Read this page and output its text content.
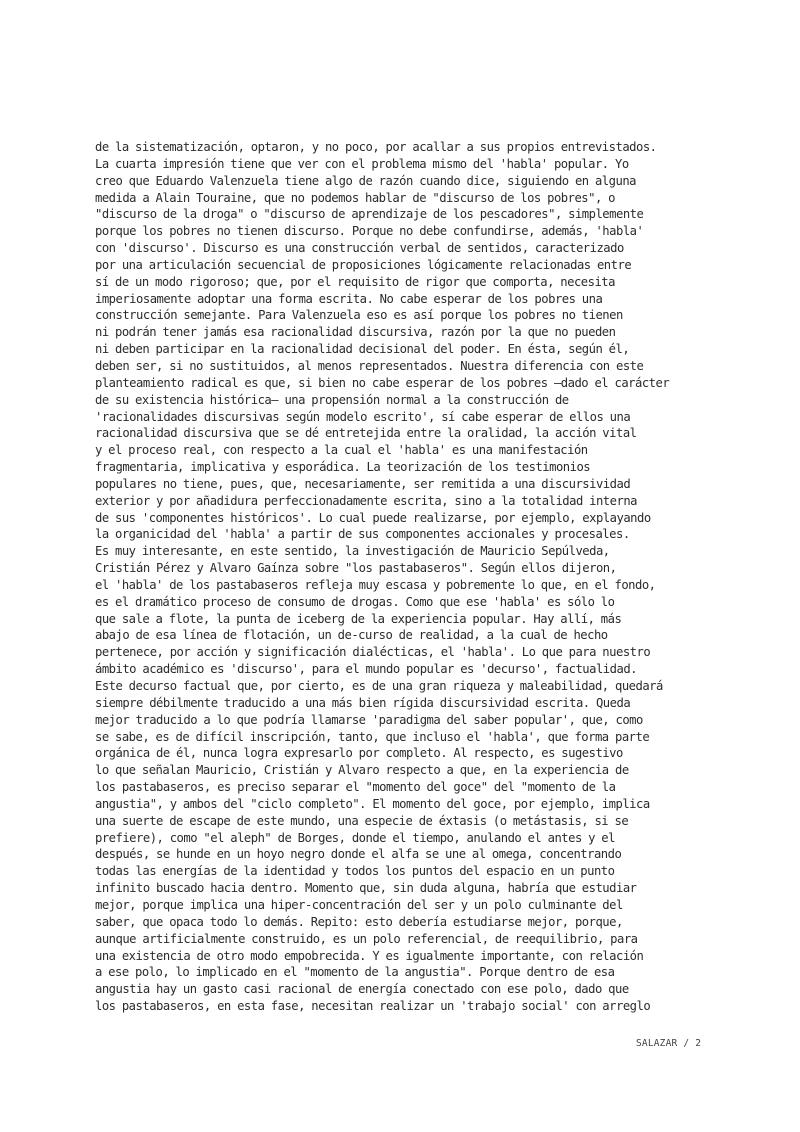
de la sistematización, optaron, y no poco, por acallar a sus propios entrevistados.
La cuarta impresión tiene que ver con el problema mismo del 'habla' popular. Yo
creo que Eduardo Valenzuela tiene algo de razón cuando dice, siguiendo en alguna
medida a Alain Touraine, que no podemos hablar de "discurso de los pobres", o
"discurso de la droga" o "discurso de aprendizaje de los pescadores", simplemente
porque los pobres no tienen discurso. Porque no debe confundirse, además, 'habla'
con 'discurso'. Discurso es una construcción verbal de sentidos, caracterizado
por una articulación secuencial de proposiciones lógicamente relacionadas entre
sí de un modo rigoroso; que, por el requisito de rigor que comporta, necesita
imperiosamente adoptar una forma escrita. No cabe esperar de los pobres una
construcción semejante. Para Valenzuela eso es así porque los pobres no tienen
ni podrán tener jamás esa racionalidad discursiva, razón por la que no pueden
ni deben participar en la racionalidad decisional del poder. En ésta, según él,
deben ser, si no sustituidos, al menos representados. Nuestra diferencia con este
planteamiento radical es que, si bien no cabe esperar de los pobres —dado el carácter
de su existencia histórica— una propensión normal a la construcción de
'racionalidades discursivas según modelo escrito', sí cabe esperar de ellos una
racionalidad discursiva que se dé entretejida entre la oralidad, la acción vital
y el proceso real, con respecto a la cual el 'habla' es una manifestación
fragmentaria, implicativa y esporádica. La teorización de los testimonios
populares no tiene, pues, que, necesariamente, ser remitida a una discursividad
exterior y por añadidura perfeccionadamente escrita, sino a la totalidad interna
de sus 'componentes históricos'. Lo cual puede realizarse, por ejemplo, explayando
la organicidad del 'habla' a partir de sus componentes accionales y procesales.
Es muy interesante, en este sentido, la investigación de Mauricio Sepúlveda,
Cristián Pérez y Alvaro Gaínza sobre "los pastabaseros". Según ellos dijeron,
el 'habla' de los pastabaseros refleja muy escasa y pobremente lo que, en el fondo,
es el dramático proceso de consumo de drogas. Como que ese 'habla' es sólo lo
que sale a flote, la punta de iceberg de la experiencia popular. Hay allí, más
abajo de esa línea de flotación, un de-curso de realidad, a la cual de hecho
pertenece, por acción y significación dialécticas, el 'habla'. Lo que para nuestro
ámbito académico es 'discurso', para el mundo popular es 'decurso', factualidad.
Este decurso factual que, por cierto, es de una gran riqueza y maleabilidad, quedará
siempre débilmente traducido a una más bien rígida discursividad escrita. Queda
mejor traducido a lo que podría llamarse 'paradigma del saber popular', que, como
se sabe, es de difícil inscripción, tanto, que incluso el 'habla', que forma parte
orgánica de él, nunca logra expresarlo por completo. Al respecto, es sugestivo
lo que señalan Mauricio, Cristián y Alvaro respecto a que, en la experiencia de
los pastabaseros, es preciso separar el "momento del goce" del "momento de la
angustia", y ambos del "ciclo completo". El momento del goce, por ejemplo, implica
una suerte de escape de este mundo, una especie de éxtasis (o metástasis, si se
prefiere), como "el aleph" de Borges, donde el tiempo, anulando el antes y el
después, se hunde en un hoyo negro donde el alfa se une al omega, concentrando
todas las energías de la identidad y todos los puntos del espacio en un punto
infinito buscado hacia dentro. Momento que, sin duda alguna, habría que estudiar
mejor, porque implica una hiper-concentración del ser y un polo culminante del
saber, que opaca todo lo demás. Repito: esto debería estudiarse mejor, porque,
aunque artificialmente construido, es un polo referencial, de reequilibrio, para
una existencia de otro modo empobrecida. Y es igualmente importante, con relación
a ese polo, lo implicado en el "momento de la angustia". Porque dentro de esa
angustia hay un gasto casi racional de energía conectado con ese polo, dado que
los pastabaseros, en esta fase, necesitan realizar un 'trabajo social' con arreglo
SALAZAR / 2
